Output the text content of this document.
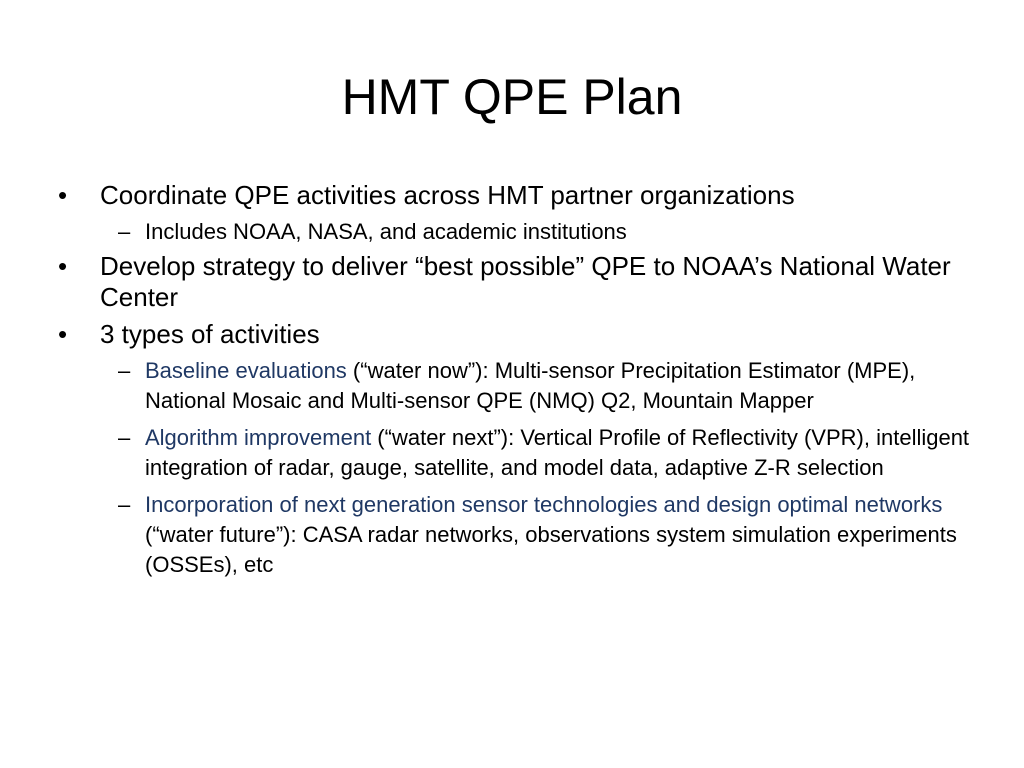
HMT QPE Plan
•	Coordinate QPE activities across HMT partner organizations
– Includes NOAA, NASA, and academic institutions
•	Develop strategy to deliver “best possible” QPE to NOAA’s National Water Center
•	3 types of activities
– Baseline evaluations (“water now”): Multi-sensor Precipitation Estimator (MPE), National Mosaic and Multi-sensor QPE (NMQ) Q2, Mountain Mapper
– Algorithm improvement (“water next”): Vertical Profile of Reflectivity (VPR), intelligent integration of radar, gauge, satellite, and model data, adaptive Z-R selection
– Incorporation of next generation sensor technologies and design optimal networks (“water future”): CASA radar networks, observations system simulation experiments (OSSEs), etc
